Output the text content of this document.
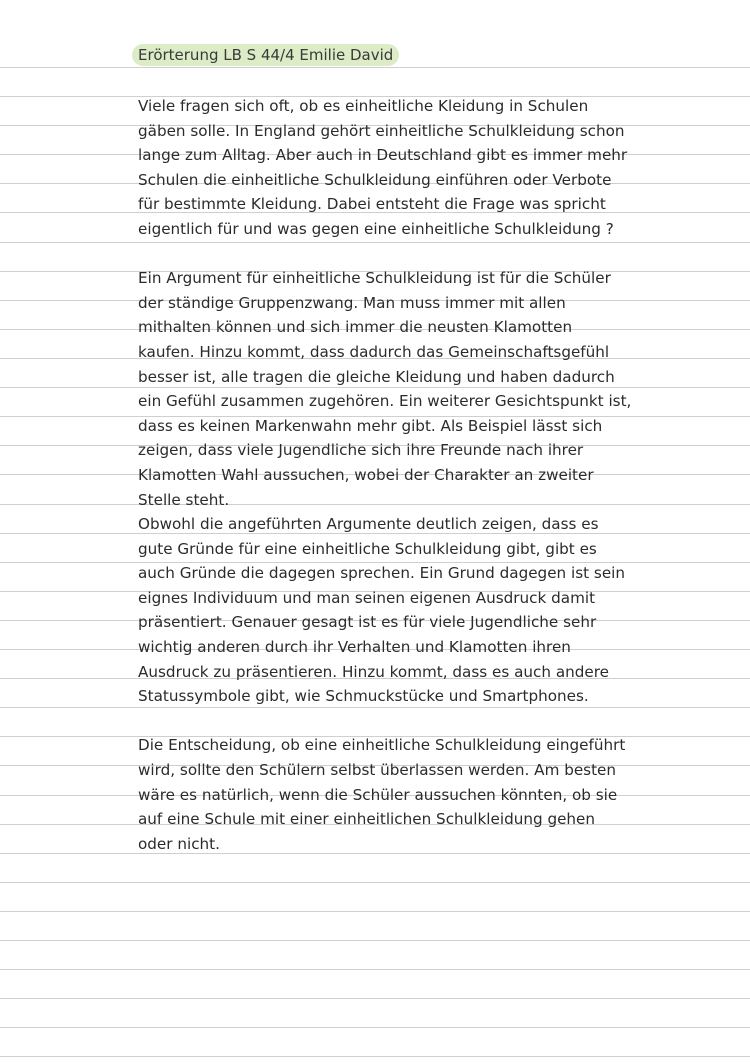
Erörterung LB S 44/4 Emilie David

Viele fragen sich oft, ob es einheitliche Kleidung in Schulen
gäben solle. In England gehört einheitliche Schulkleidung schon
lange zum Alltag. Aber auch in Deutschland gibt es immer mehr
Schulen die einheitliche Schulkleidung einführen oder Verbote
für bestimmte Kleidung. Dabei entsteht die Frage was spricht
eigentlich für und was gegen eine einheitliche Schulkleidung ?

Ein Argument für einheitliche Schulkleidung ist für die Schüler
der ständige Gruppenzwang. Man muss immer mit allen
mithalten können und sich immer die neusten Klamotten
kaufen. Hinzu kommt, dass dadurch das Gemeinschaftsgefühl
besser ist, alle tragen die gleiche Kleidung und haben dadurch
ein Gefühl zusammen zugehören. Ein weiterer Gesichtspunkt ist,
dass es keinen Markenwahn mehr gibt. Als Beispiel lässt sich
zeigen, dass viele Jugendliche sich ihre Freunde nach ihrer
Klamotten Wahl aussuchen, wobei der Charakter an zweiter
Stelle steht.

Obwohl die angeführten Argumente deutlich zeigen, dass es
gute Gründe für eine einheitliche Schulkleidung gibt, gibt es
auch Gründe die dagegen sprechen. Ein Grund dagegen ist sein
eignes Individuum und man seinen eigenen Ausdruck damit
präsentiert. Genauer gesagt ist es für viele Jugendliche sehr
wichtig anderen durch ihr Verhalten und Klamotten ihren
Ausdruck zu präsentieren. Hinzu kommt, dass es auch andere
Statussymbole gibt, wie Schmuckstücke und Smartphones.

Die Entscheidung, ob eine einheitliche Schulkleidung eingeführt
wird, sollte den Schülern selbst überlassen werden. Am besten
wäre es natürlich, wenn die Schüler aussuchen könnten, ob sie
auf eine Schule mit einer einheitlichen Schulkleidung gehen
oder nicht.
